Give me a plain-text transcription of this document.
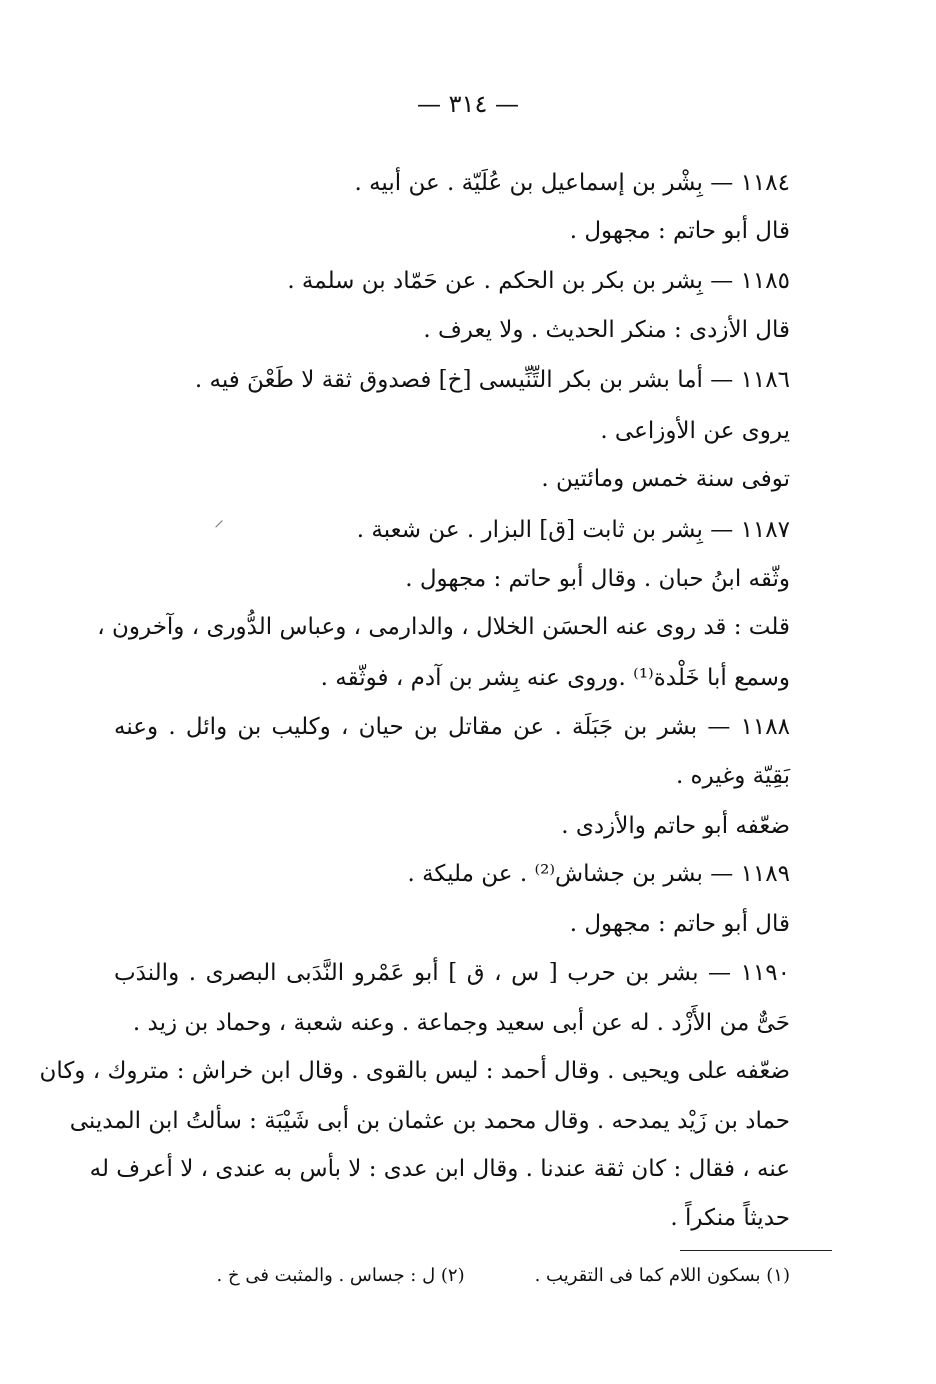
— ٣١٤ —
١١٨٤ — بِشْر بن إسماعيل بن عُلَيّة . عن أبيه .
قال أبو حاتم : مجهول .
١١٨٥ — بِشر بن بكر بن الحكم . عن حَمّاد بن سلمة .
قال الأزدى : منكر الحديث . ولا يعرف .
١١٨٦ — أما بشر بن بكر التِّنِّيسى [خ] فصدوق ثقة لا طَعْنَ فيه .
يروى عن الأوزاعى .
توفى سنة خمس ومائتين .
١١٨٧ — بِشر بن ثابت [ق] البزار . عن شعبة .
وثّقه ابنُ حبان . وقال أبو حاتم : مجهول .
قلت : قد روى عنه الحسَن الخلال ، والدارمى ، وعباس الدُّورى ، وآخرون ،
وسمع أبا خَلْدة⁽¹⁾ .وروى عنه بِشر بن آدم ، فوثّقه .
١١٨٨ — بشر بن جَبَلَة . عن مقاتل بن حيان ، وكليب بن وائل . وعنه
بَقِيّة وغيره .
ضعّفه أبو حاتم والأزدى .
١١٨٩ — بشر بن جشاش⁽²⁾ . عن مليكة .
قال أبو حاتم : مجهول .
١١٩٠ — بشر بن حرب [ س ، ق ] أبو عَمْرو النَّدَبى البصرى . والندَب
حَىٌّ من الأَزْد . له عن أبى سعيد وجماعة . وعنه شعبة ، وحماد بن زيد .
ضعّفه على ويحيى . وقال أحمد : ليس بالقوى . وقال ابن خراش : متروك ، وكان
حماد بن زَيْد يمدحه . وقال محمد بن عثمان بن أبى شَيْبَة : سألتُ ابن المدينى
عنه ، فقال : كان ثقة عندنا . وقال ابن عدى : لا بأس به عندى ، لا أعرف له
حديثاً منكراً .
(١) بسكون اللام كما فى التقريب .(٢) ل : جساس . والمثبت فى خ .
⸝
